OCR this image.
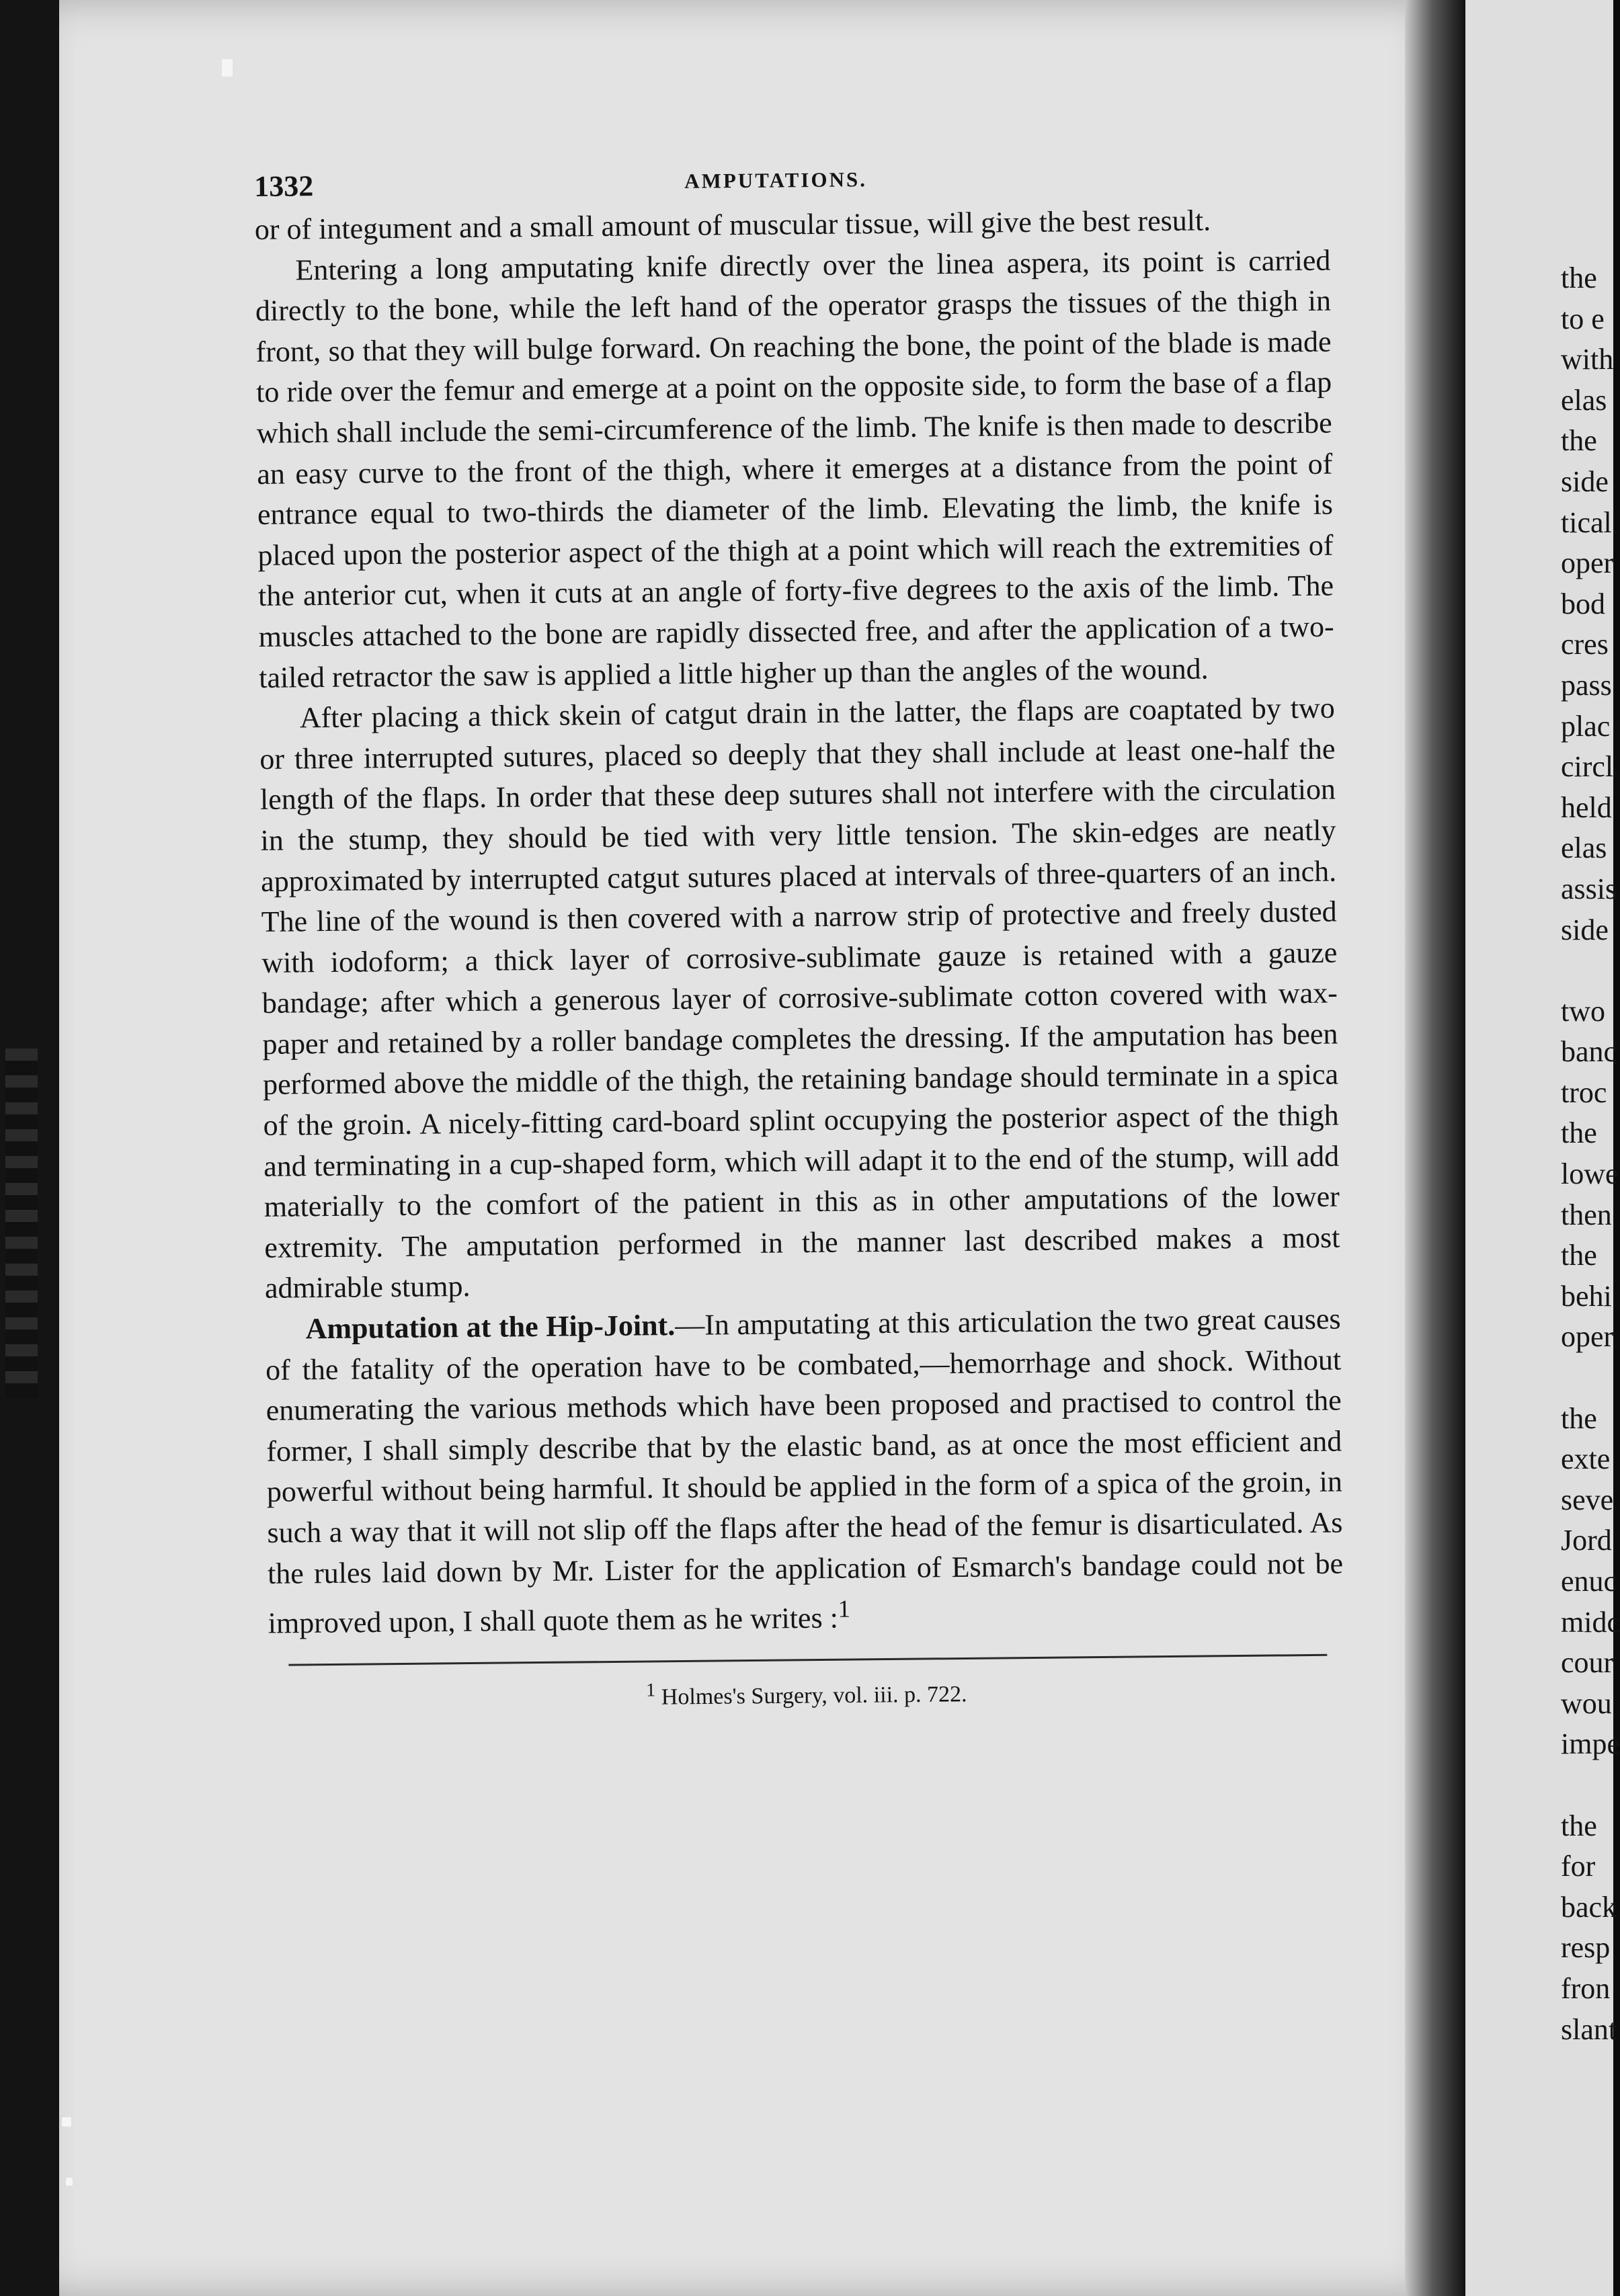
1332	AMPUTATIONS.

or of integument and a small amount of muscular tissue, will give the best result.

Entering a long amputating knife directly over the linea aspera, its point is carried directly to the bone, while the left hand of the operator grasps the tissues of the thigh in front, so that they will bulge forward. On reaching the bone, the point of the blade is made to ride over the femur and emerge at a point on the opposite side, to form the base of a flap which shall include the semi-circumference of the limb. The knife is then made to describe an easy curve to the front of the thigh, where it emerges at a distance from the point of entrance equal to two-thirds the diameter of the limb. Elevating the limb, the knife is placed upon the posterior aspect of the thigh at a point which will reach the extremities of the anterior cut, when it cuts at an angle of forty-five degrees to the axis of the limb. The muscles attached to the bone are rapidly dissected free, and after the application of a two-tailed retractor the saw is applied a little higher up than the angles of the wound.

After placing a thick skein of catgut drain in the latter, the flaps are coaptated by two or three interrupted sutures, placed so deeply that they shall include at least one-half the length of the flaps. In order that these deep sutures shall not interfere with the circulation in the stump, they should be tied with very little tension. The skin-edges are neatly approximated by interrupted catgut sutures placed at intervals of three-quarters of an inch. The line of the wound is then covered with a narrow strip of protective and freely dusted with iodoform; a thick layer of corrosive-sublimate gauze is retained with a gauze bandage; after which a generous layer of corrosive-sublimate cotton covered with wax-paper and retained by a roller bandage completes the dressing. If the amputation has been performed above the middle of the thigh, the retaining bandage should terminate in a spica of the groin. A nicely-fitting card-board splint occupying the posterior aspect of the thigh and terminating in a cup-shaped form, which will adapt it to the end of the stump, will add materially to the comfort of the patient in this as in other amputations of the lower extremity. The amputation performed in the manner last described makes a most admirable stump.

Amputation at the Hip-Joint.—In amputating at this articulation the two great causes of the fatality of the operation have to be combated,—hemorrhage and shock. Without enumerating the various methods which have been proposed and practised to control the former, I shall simply describe that by the elastic band, as at once the most efficient and powerful without being harmful. It should be applied in the form of a spica of the groin, in such a way that it will not slip off the flaps after the head of the femur is disarticulated. As the rules laid down by Mr. Lister for the application of Esmarch's bandage could not be improved upon, I shall quote them as he writes :$^1$

$^1$ Holmes's Surgery, vol. iii. p. 722.
the
to e
with
elas
the
side
tical
oper
bod
cres
pass
plac
circl
held
elas
assis
side
two
banc
troc
the
lowe
then
the
behi
oper
the
exte
seve
Jord
enuc
midc
cour
wou
impe
the
for
back
resp
fron
slant
